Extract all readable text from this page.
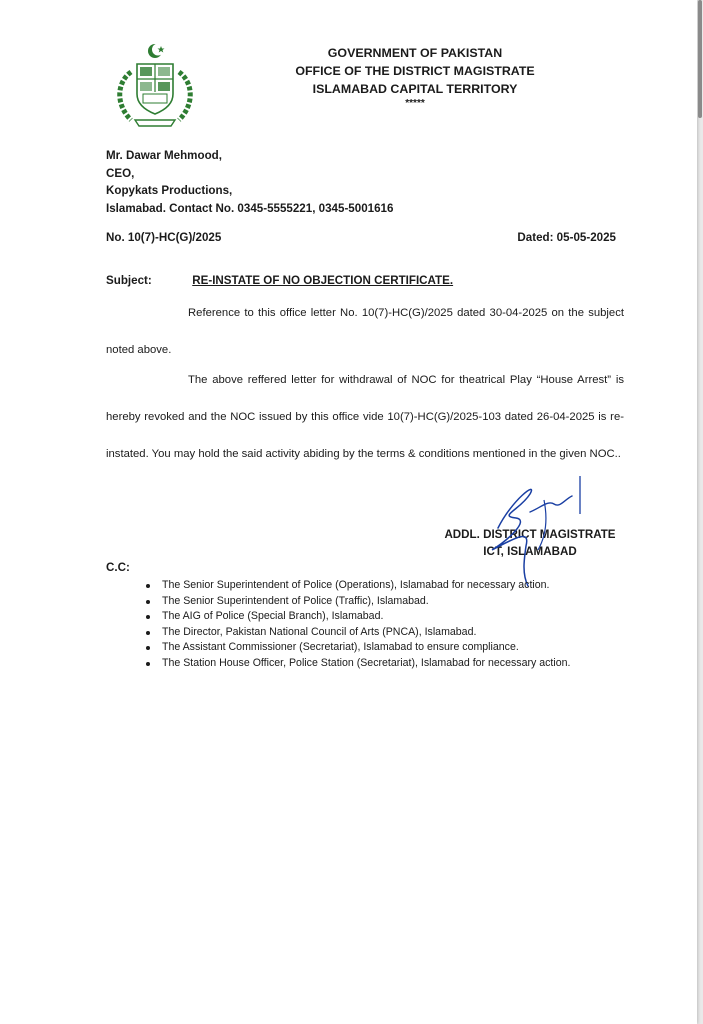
GOVERNMENT OF PAKISTAN
OFFICE OF THE DISTRICT MAGISTRATE
ISLAMABAD CAPITAL TERRITORY
*****
Mr. Dawar Mehmood,
CEO,
Kopykats Productions,
Islamabad. Contact No. 0345-5555221, 0345-5001616
No. 10(7)-HC(G)/2025	Dated: 05-05-2025
Subject:	RE-INSTATE OF NO OBJECTION CERTIFICATE.

Reference to this office letter No. 10(7)-HC(G)/2025 dated 30-04-2025 on the subject noted above.

The above reffered letter for withdrawal of NOC for theatrical Play “House Arrest” is hereby revoked and the NOC issued by this office vide 10(7)-HC(G)/2025-103 dated 26-04-2025 is re-instated. You may hold the said activity abiding by the terms & conditions mentioned in the given NOC..

ADDL. DISTRICT MAGISTRATE
ICT, ISLAMABAD
C.C:
The Senior Superintendent of Police (Operations), Islamabad for necessary action.
The Senior Superintendent of Police (Traffic), Islamabad.
The AIG of Police (Special Branch), Islamabad.
The Director, Pakistan National Council of Arts (PNCA), Islamabad.
The Assistant Commissioner (Secretariat), Islamabad to ensure compliance.
The Station House Officer, Police Station (Secretariat), Islamabad for necessary action.
